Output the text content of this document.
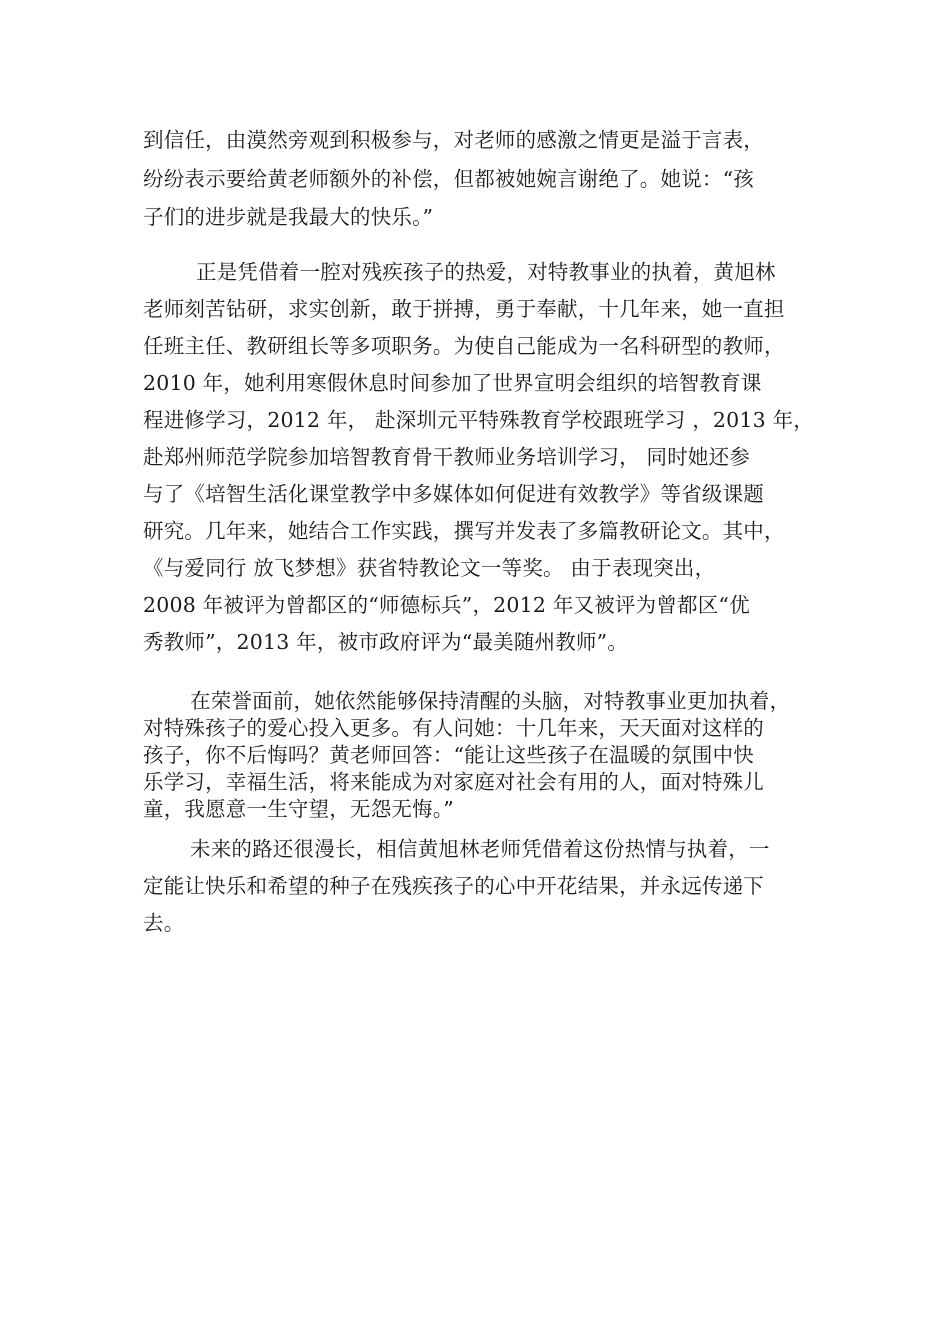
到信任，由漠然旁观到积极参与，对老师的感激之情更是溢于言表，
纷纷表示要给黄老师额外的补偿，但都被她婉言谢绝了。她说：“孩
子们的进步就是我最大的快乐。”
正是凭借着一腔对残疾孩子的热爱，对特教事业的执着，黄旭林
老师刻苦钻研，求实创新，敢于拼搏，勇于奉献，十几年来，她一直担
任班主任、教研组长等多项职务。为使自己能成为一名科研型的教师，
2010 年，她利用寒假休息时间参加了世界宣明会组织的培智教育课
程进修学习，2012 年， 赴深圳元平特殊教育学校跟班学习 ，2013 年，
赴郑州师范学院参加培智教育骨干教师业务培训学习， 同时她还参
与了《培智生活化课堂教学中多媒体如何促进有效教学》等省级课题
研究。几年来，她结合工作实践，撰写并发表了多篇教研论文。其中，
《与爱同行 放飞梦想》获省特教论文一等奖。 由于表现突出，
2008 年被评为曾都区的“师德标兵”，2012 年又被评为曾都区“优
秀教师”，2013 年，被市政府评为“最美随州教师”。
在荣誉面前，她依然能够保持清醒的头脑，对特教事业更加执着，
对特殊孩子的爱心投入更多。有人问她：十几年来，天天面对这样的
孩子，你不后悔吗？黄老师回答：“能让这些孩子在温暖的氛围中快
乐学习，幸福生活，将来能成为对家庭对社会有用的人，面对特殊儿
童，我愿意一生守望，无怨无悔。”
未来的路还很漫长，相信黄旭林老师凭借着这份热情与执着，一
定能让快乐和希望的种子在残疾孩子的心中开花结果，并永远传递下
去。
